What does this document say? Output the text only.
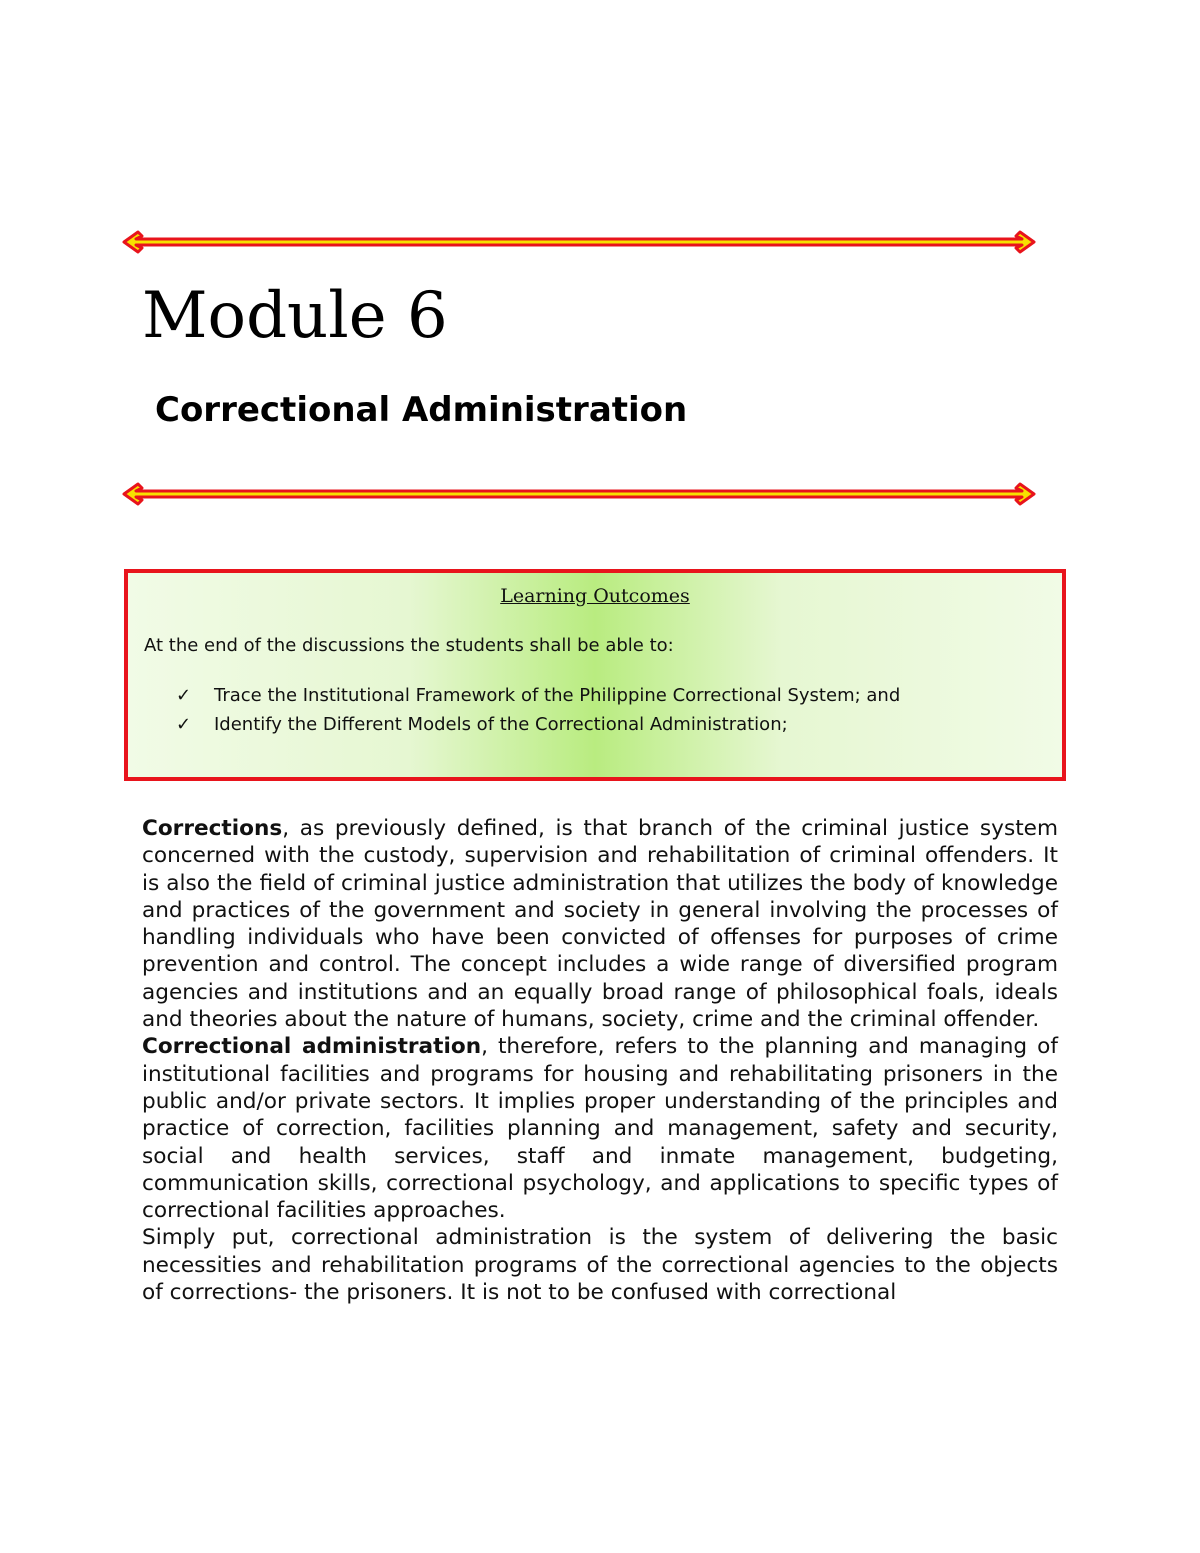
Module 6
Correctional Administration

Learning Outcomes

At the end of the discussions the students shall be able to:

✓ Trace the Institutional Framework of the Philippine Correctional System; and
✓ Identify the Different Models of the Correctional Administration;

Corrections, as previously defined, is that branch of the criminal justice system concerned with the custody, supervision and rehabilitation of criminal offenders. It is also the field of criminal justice administration that utilizes the body of knowledge and practices of the government and society in general involving the processes of handling individuals who have been convicted of offenses for purposes of crime prevention and control. The concept includes a wide range of diversified program agencies and institutions and an equally broad range of philosophical foals, ideals and theories about the nature of humans, society, crime and the criminal offender.

Correctional administration, therefore, refers to the planning and managing of institutional facilities and programs for housing and rehabilitating prisoners in the public and/or private sectors. It implies proper understanding of the principles and practice of correction, facilities planning and management, safety and security, social and health services, staff and inmate management, budgeting, communication skills, correctional psychology, and applications to specific types of correctional facilities approaches.

Simply put, correctional administration is the system of delivering the basic necessities and rehabilitation programs of the correctional agencies to the objects of corrections- the prisoners. It is not to be confused with correctional
